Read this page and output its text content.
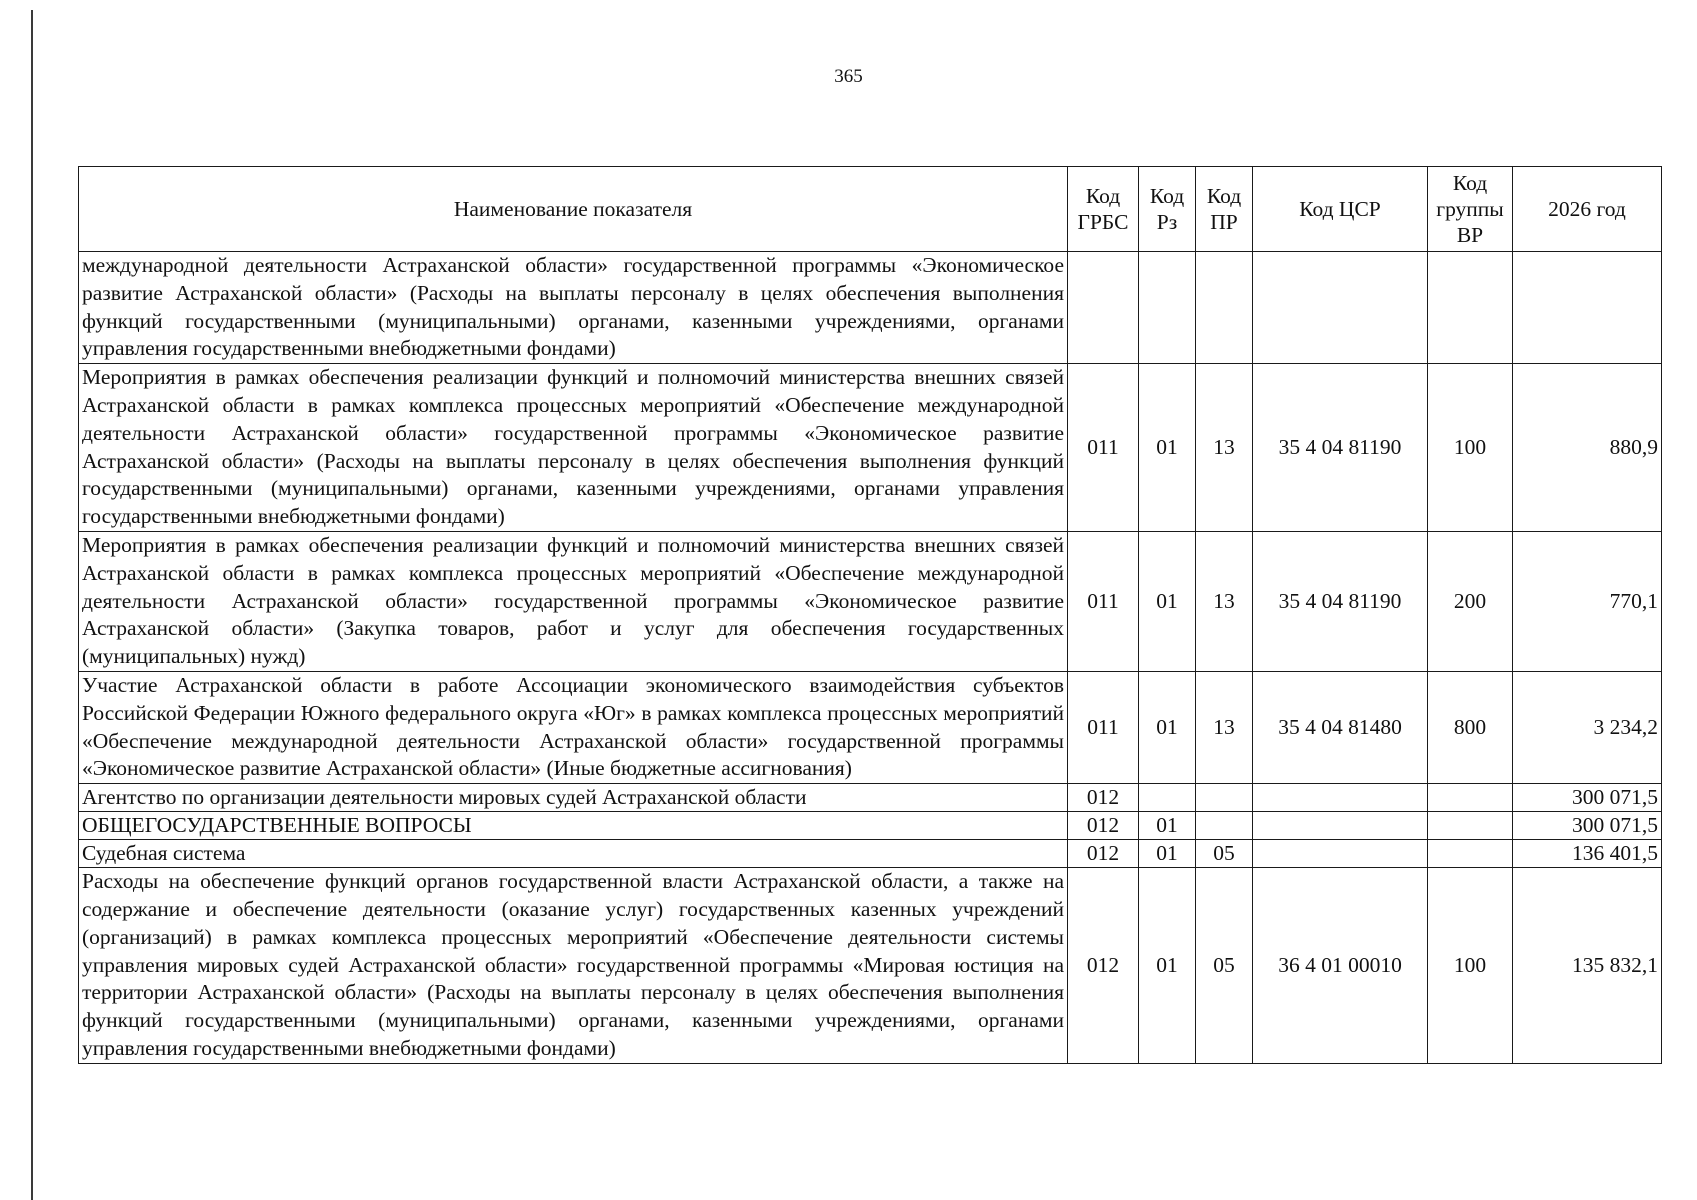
365
Наименование показателя	Код ГРБС	Код Рз	Код ПР	Код ЦСР	Код группы ВР	2026 год
международной деятельности Астраханской области» государственной программы «Экономическое развитие Астраханской области» (Расходы на выплаты персоналу в целях обеспечения выполнения функций государственными (муниципальными) органами, казенными учреждениями, органами управления государственными внебюджетными фондами)						
Мероприятия в рамках обеспечения реализации функций и полномочий министерства внешних связей Астраханской области в рамках комплекса процессных мероприятий «Обеспечение международной деятельности Астраханской области» государственной программы «Экономическое развитие Астраханской области» (Расходы на выплаты персоналу в целях обеспечения выполнения функций государственными (муниципальными) органами, казенными учреждениями, органами управления государственными внебюджетными фондами)	011	01	13	35 4 04 81190	100	880,9
Мероприятия в рамках обеспечения реализации функций и полномочий министерства внешних связей Астраханской области в рамках комплекса процессных мероприятий «Обеспечение международной деятельности Астраханской области» государственной программы «Экономическое развитие Астраханской области» (Закупка товаров, работ и услуг для обеспечения государственных (муниципальных) нужд)	011	01	13	35 4 04 81190	200	770,1
Участие Астраханской области в работе Ассоциации экономического взаимодействия субъектов Российской Федерации Южного федерального округа «Юг» в рамках комплекса процессных мероприятий «Обеспечение международной деятельности Астраханской области» государственной программы «Экономическое развитие Астраханской области» (Иные бюджетные ассигнования)	011	01	13	35 4 04 81480	800	3 234,2
Агентство по организации деятельности мировых судей Астраханской области	012					300 071,5
ОБЩЕГОСУДАРСТВЕННЫЕ ВОПРОСЫ	012	01				300 071,5
Судебная система	012	01	05			136 401,5
Расходы на обеспечение функций органов государственной власти Астраханской области, а также на содержание и обеспечение деятельности (оказание услуг) государственных казенных учреждений (организаций) в рамках комплекса процессных мероприятий «Обеспечение деятельности системы управления мировых судей Астраханской области» государственной программы «Мировая юстиция на территории Астраханской области» (Расходы на выплаты персоналу в целях обеспечения выполнения функций государственными (муниципальными) органами, казенными учреждениями, органами управления государственными внебюджетными фондами)	012	01	05	36 4 01 00010	100	135 832,1
